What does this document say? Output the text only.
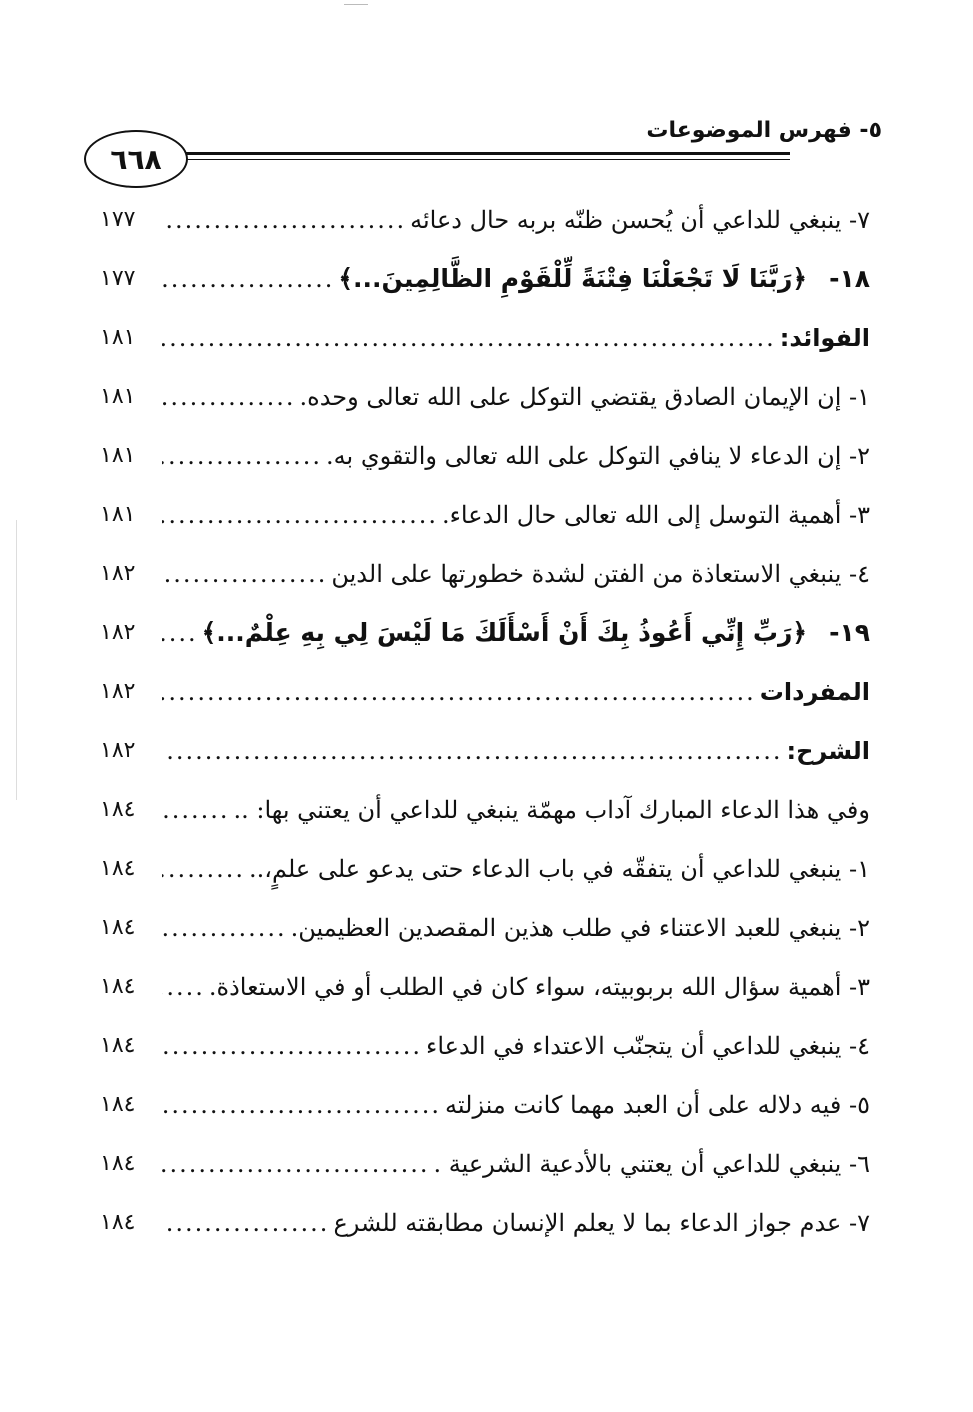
٥- فهرس الموضوعات
٦٦٨
٧- ينبغي للداعي أن يُحسن ظنّه بربه حال دعائه
.....
١٧٧
١٨-
﴿رَبَّنَا لَا تَجْعَلْنَا فِتْنَةً لِّلْقَوْمِ الظَّالِمِينَ...﴾
.....
١٧٧
الفوائد:
.....
١٨١
١- إن الإيمان الصادق يقتضي التوكل على الله تعالى وحده.
.....
١٨١
٢- إن الدعاء لا ينافي التوكل على الله تعالى والتقوي به.
.....
١٨١
٣- أهمية التوسل إلى الله تعالى حال الدعاء.
.....
١٨١
٤- ينبغي الاستعاذة من الفتن لشدة خطورتها على الدين
.....
١٨٢
١٩-
﴿رَبِّ إِنِّي أَعُوذُ بِكَ أَنْ أَسْأَلَكَ مَا لَيْسَ لِي بِهِ عِلْمٌ...﴾
.....
١٨٢
المفردات
.....
١٨٢
الشرح:
.....
١٨٢
وفي هذا الدعاء المبارك آداب مهمّة ينبغي للداعي أن يعتني بها: ..
.....
١٨٤
١- ينبغي للداعي أن يتفقّه في باب الدعاء حتى يدعو على علمٍ،..
.....
١٨٤
٢- ينبغي للعبد الاعتناء في طلب هذين المقصدين العظيمين.
.....
١٨٤
٣- أهمية سؤال الله بربوبيته، سواء كان في الطلب أو في الاستعاذة.
.....
١٨٤
٤- ينبغي للداعي أن يتجنّب الاعتداء في الدعاء
.....
١٨٤
٥- فيه دلاله على أن العبد مهما كانت منزلته
.....
١٨٤
٦- ينبغي للداعي أن يعتني بالأدعية الشرعية .
.....
١٨٤
٧- عدم جواز الدعاء بما لا يعلم الإنسان مطابقته للشرع
.....
١٨٤
